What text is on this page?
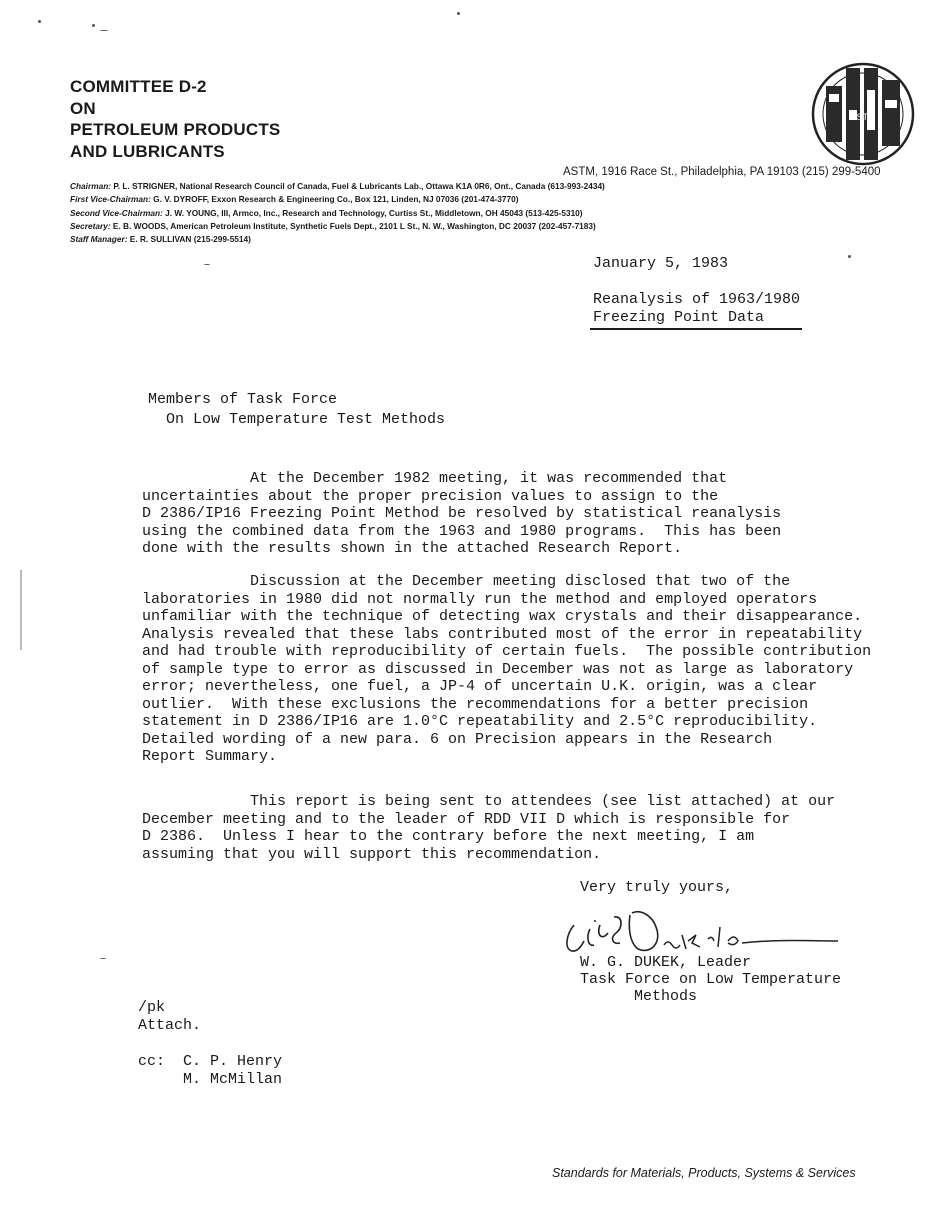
COMMITTEE D-2
ON
PETROLEUM PRODUCTS
AND LUBRICANTS
ASTM
ASTM, 1916 Race St., Philadelphia, PA 19103 (215) 299-5400
Chairman: P. L. STRIGNER, National Research Council of Canada, Fuel & Lubricants Lab., Ottawa K1A 0R6, Ont., Canada (613-993-2434)
First Vice-Chairman: G. V. DYROFF, Exxon Research & Engineering Co., Box 121, Linden, NJ 07036 (201-474-3770)
Second Vice-Chairman: J. W. YOUNG, III, Armco, Inc., Research and Technology, Curtiss St., Middletown, OH 45043 (513-425-5310)
Secretary: E. B. WOODS, American Petroleum Institute, Synthetic Fuels Dept., 2101 L St., N. W., Washington, DC 20037 (202-457-7183)
Staff Manager: E. R. SULLIVAN (215-299-5514)
January 5, 1983
Reanalysis of 1963/1980
Freezing Point Data
Members of Task Force
On Low Temperature Test Methods
At the December 1982 meeting, it was recommended that
uncertainties about the proper precision values to assign to the
D 2386/IP16 Freezing Point Method be resolved by statistical reanalysis
using the combined data from the 1963 and 1980 programs.  This has been
done with the results shown in the attached Research Report.
Discussion at the December meeting disclosed that two of the
laboratories in 1980 did not normally run the method and employed operators
unfamiliar with the technique of detecting wax crystals and their disappearance.
Analysis revealed that these labs contributed most of the error in repeatability
and had trouble with reproducibility of certain fuels.  The possible contribution
of sample type to error as discussed in December was not as large as laboratory
error; nevertheless, one fuel, a JP-4 of uncertain U.K. origin, was a clear
outlier.  With these exclusions the recommendations for a better precision
statement in D 2386/IP16 are 1.0°C repeatability and 2.5°C reproducibility.
Detailed wording of a new para. 6 on Precision appears in the Research
Report Summary.
This report is being sent to attendees (see list attached) at our
December meeting and to the leader of RDD VII D which is responsible for
D 2386.  Unless I hear to the contrary before the next meeting, I am
assuming that you will support this recommendation.
Very truly yours,
W. G. DUKEK, Leader
Task Force on Low Temperature
Methods
/pk
Attach.
cc:  C. P. Henry
M. McMillan
Standards for Materials, Products, Systems & Services
